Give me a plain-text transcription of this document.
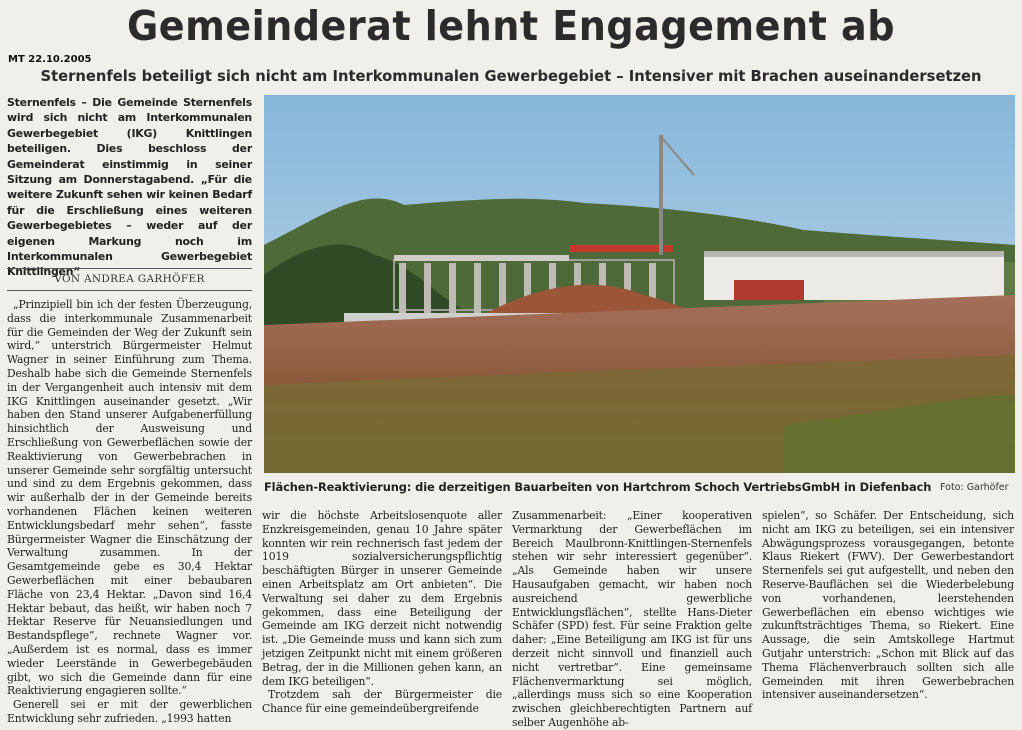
Gemeinderat lehnt Engagement ab
MT 22.10.2005
Sternenfels beteiligt sich nicht am Interkommunalen Gewerbegebiet – Intensiver mit Brachen auseinandersetzen
Sternenfels – Die Gemeinde Sternenfels wird sich nicht am Interkommunalen Gewerbegebiet (IKG) Knittlingen beteiligen. Dies beschloss der Gemeinderat einstimmig in seiner Sitzung am Donnerstagabend. „Für die weitere Zukunft sehen wir keinen Bedarf für die Erschließung eines weiteren Gewerbegebietes – weder auf der eigenen Markung noch im Interkommunalen Gewerbegebiet Knittlingen“
VON ANDREA GARHÖFER

„Prinzipiell bin ich der festen Überzeugung, dass die interkommunale Zusammenarbeit für die Gemeinden der Weg der Zukunft sein wird,“ unterstrich Bürgermeister Helmut Wagner in seiner Einführung zum Thema. Deshalb habe sich die Gemeinde Sternenfels in der Vergangenheit auch intensiv mit dem IKG Knittlingen auseinander gesetzt. „Wir haben den Stand unserer Aufgabenerfüllung hinsichtlich der Ausweisung und Erschließung von Gewerbeflächen sowie der Reaktivierung von Gewerbebrachen in unserer Gemeinde sehr sorgfältig untersucht und sind zu dem Ergebnis gekommen, dass wir außerhalb der in der Gemeinde bereits vorhandenen Flächen keinen weiteren Entwicklungsbedarf mehr sehen“, fasste Bürgermeister Wagner die Einschätzung der Verwaltung zusammen. In der Gesamtgemeinde gebe es 30,4 Hektar Gewerbeflächen mit einer bebaubaren Fläche von 23,4 Hektar. „Davon sind 16,4 Hektar bebaut, das heißt, wir haben noch 7 Hektar Reserve für Neuansiedlungen und Bestandspflege“, rechnete Wagner vor. „Außerdem ist es normal, dass es immer wieder Leerstände in Gewerbegebäuden gibt, wo sich die Gemeinde dann für eine Reaktivierung engagieren sollte.“

Generell sei er mit der gewerblichen Entwicklung sehr zufrieden. „1993 hatten

Flächen-Reaktivierung: die derzeitigen Bauarbeiten von Hartchrom Schoch VertriebsGmbH in Diefenbach Foto: Garhöfer

wir die höchste Arbeitslosenquote aller Enzkreisgemeinden, genau 10 Jahre später konnten wir rein rechnerisch fast jedem der 1019 sozialversicherungspflichtig beschäftigten Bürger in unserer Gemeinde einen Arbeitsplatz am Ort anbieten“. Die Verwaltung sei daher zu dem Ergebnis gekommen, dass eine Beteiligung der Gemeinde am IKG derzeit nicht notwendig ist. „Die Gemeinde muss und kann sich zum jetzigen Zeitpunkt nicht mit einem größeren Betrag, der in die Millionen gehen kann, an dem IKG beteiligen“.

Trotzdem sah der Bürgermeister die Chance für eine gemeindeübergreifende

Zusammenarbeit: „Einer kooperativen Vermarktung der Gewerbeflächen im Bereich Maulbronn-Knittlingen-Sternenfels stehen wir sehr interessiert gegenüber“. „Als Gemeinde haben wir unsere Hausaufgaben gemacht, wir haben noch ausreichend gewerbliche Entwicklungsflächen“, stellte Hans-Dieter Schäfer (SPD) fest. Für seine Fraktion gelte daher: „Eine Beteiligung am IKG ist für uns derzeit nicht sinnvoll und finanziell auch nicht vertretbar“. Eine gemeinsame Flächenvermarktung sei möglich, „allerdings muss sich so eine Kooperation zwischen gleichberechtigten Partnern auf selber Augenhöhe ab-

spielen“, so Schäfer. Der Entscheidung, sich nicht am IKG zu beteiligen, sei ein intensiver Abwägungsprozess vorausgegangen, betonte Klaus Riekert (FWV). Der Gewerbestandort Sternenfels sei gut aufgestellt, und neben den Reserve-Bauflächen sei die Wiederbelebung von vorhandenen, leerstehenden Gewerbeflächen ein ebenso wichtiges wie zukunftsträchtiges Thema, so Riekert. Eine Aussage, die sein Amtskollege Hartmut Gutjahr unterstrich: „Schon mit Blick auf das Thema Flächenverbrauch sollten sich alle Gemeinden mit ihren Gewerbebrachen intensiver auseinandersetzen“.
